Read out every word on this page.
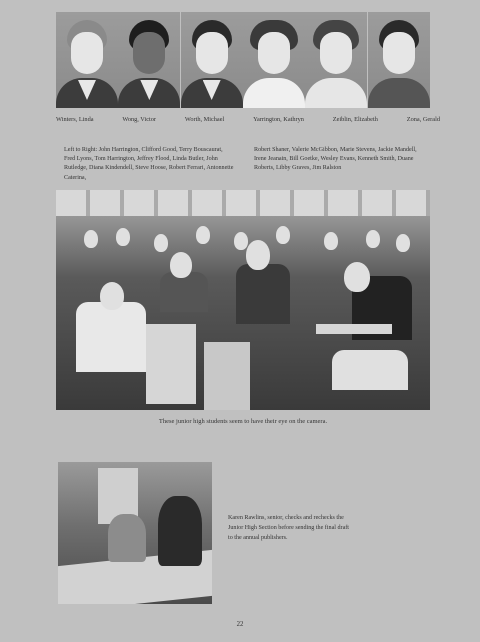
Winters, Linda	Wong, Victor	Worth, Michael	Yarrington, Kathryn	Zeiblin, Elizabeth	Zona, Gerald
Left to Right: John Harrington, Clifford Good, Terry Bouscaurat, Fred Lyons, Tom Harrington, Jeffrey Flood, Linda Butler, John Rutledge, Diana Kindendell, Steve Hoose, Robert Ferrari, Antonnette Caterina,
Robert Shaner, Valerie McGibbon, Marie Stevens, Jackie Mandell, Irene Jeanain, Bill Goetke, Wesley Evans, Kenneth Smith, Duane Roberts, Libby Graves, Jim Ralston
These junior high students seem to have their eye on the camera.
Karen Rawlins, senior, checks and rechecks the Junior High Section before sending the final draft to the annual publishers.
22
